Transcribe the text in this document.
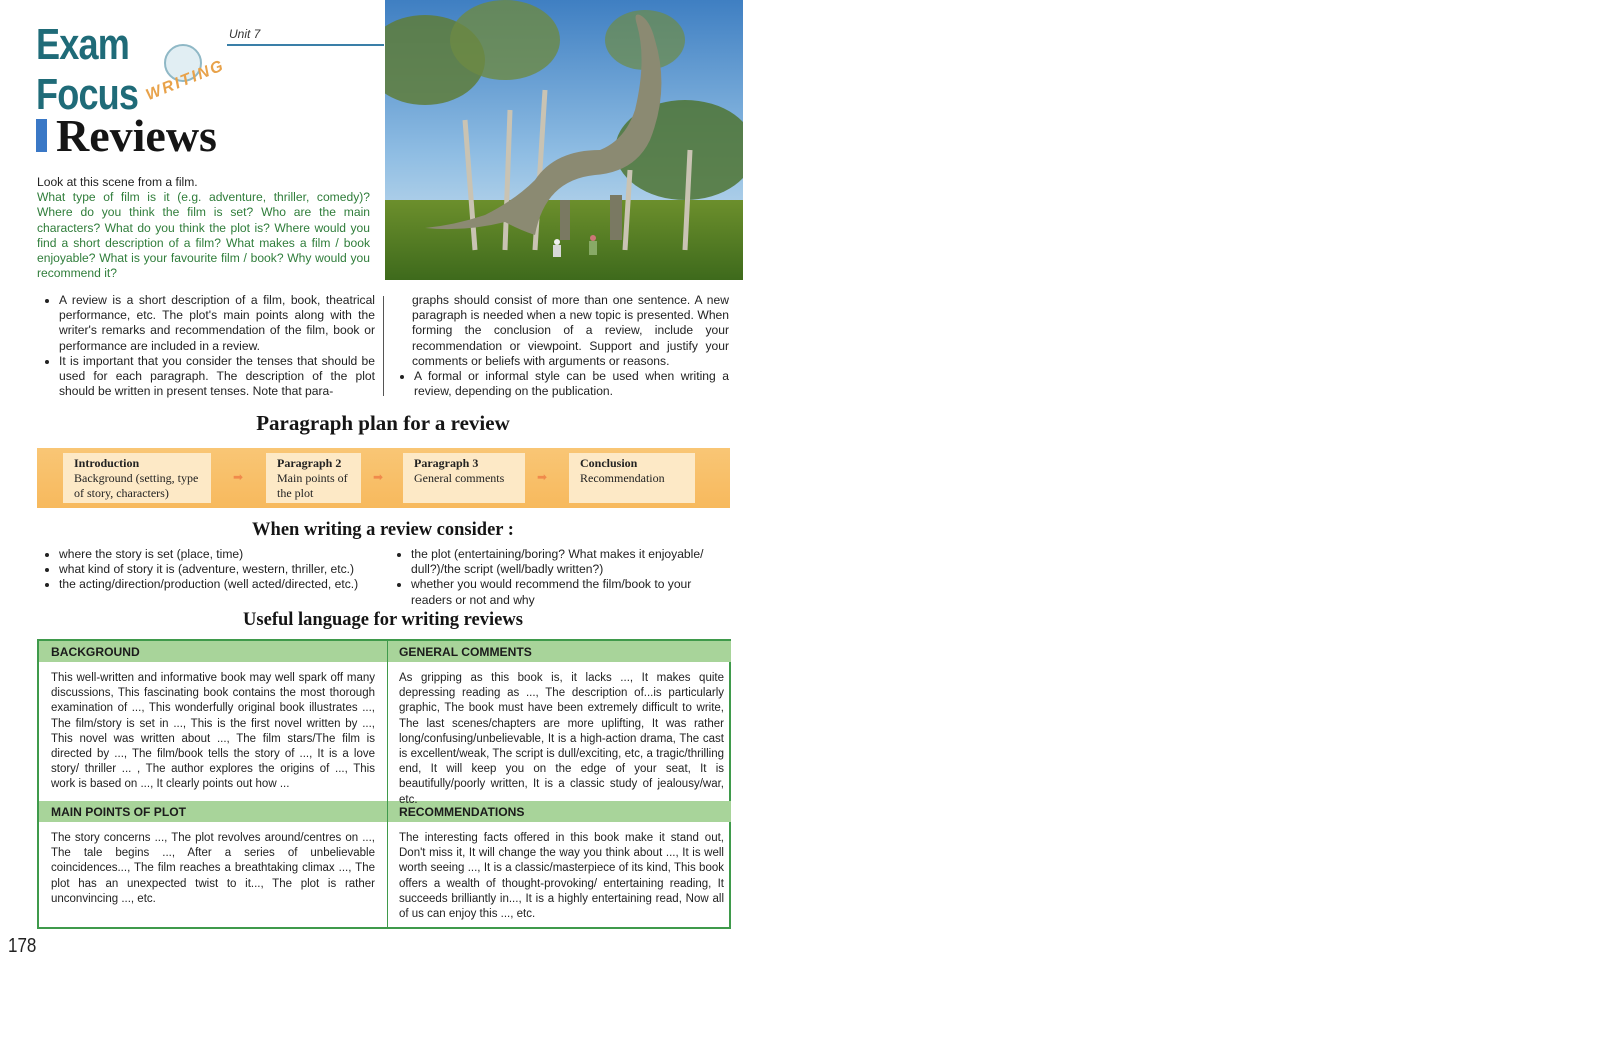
Exam Focus WRITING
Unit 7
Reviews
Look at this scene from a film.
What type of film is it (e.g. adventure, thriller, comedy)? Where do you think the film is set? Who are the main characters? What do you think the plot is? Where would you find a short description of a film? What makes a film / book enjoyable? What is your favourite film / book? Why would you recommend it?
• A review is a short description of a film, book, theatrical performance, etc. The plot's main points along with the writer's remarks and recommendation of the film, book or performance are included in a review.
• It is important that you consider the tenses that should be used for each paragraph. The description of the plot should be written in present tenses. Note that para-

graphs should consist of more than one sentence. A new paragraph is needed when a new topic is presented. When forming the conclusion of a review, include your recommendation or viewpoint. Support and justify your comments or beliefs with arguments or reasons.

• A formal or informal style can be used when writing a review, depending on the publication.
Paragraph plan for a review
Introduction
Background (setting, type of story, characters)
➡
Paragraph 2
Main points of the plot
➡
Paragraph 3
General comments	➡
Conclusion
Recommendation
When writing a review consider :
• where the story is set (place, time)
• what kind of story it is (adventure, western, thriller, etc.)
• the acting/direction/production (well acted/directed, etc.)
• the plot (entertaining/boring? What makes it enjoyable/ dull?)/the script (well/badly written?)
• whether you would recommend the film/book to your readers or not and why
Useful language for writing reviews
BACKGROUND
This well-written and informative book may well spark off many discussions, This fascinating book contains the most thorough examination of ..., This wonderfully original book illustrates ..., The film/story is set in ..., This is the first novel written by ..., This novel was written about ..., The film stars/The film is directed by ..., The film/book tells the story of ..., It is a love story/ thriller ... , The author explores the origins of ..., This work is based on ..., It clearly points out how ...
GENERAL COMMENTS
As gripping as this book is, it lacks ..., It makes quite depressing reading as ..., The description of...is particularly graphic, The book must have been extremely difficult to write, The last scenes/chapters are more uplifting, It was rather long/confusing/unbelievable, It is a high-action drama, The cast is excellent/weak, The script is dull/exciting, etc, a tragic/thrilling end, It will keep you on the edge of your seat, It is beautifully/poorly written, It is a classic study of jealousy/war, etc.
MAIN POINTS OF PLOT
The story concerns ..., The plot revolves around/centres on ..., The tale begins ..., After a series of unbelievable coincidences..., The film reaches a breathtaking climax ..., The plot has an unexpected twist to it..., The plot is rather unconvincing ..., etc.
RECOMMENDATIONS
The interesting facts offered in this book make it stand out, Don't miss it, It will change the way you think about ..., It is well worth seeing ..., It is a classic/masterpiece of its kind, This book offers a wealth of thought-provoking/ entertaining reading, It succeeds brilliantly in..., It is a highly entertaining read, Now all of us can enjoy this ..., etc.
178
